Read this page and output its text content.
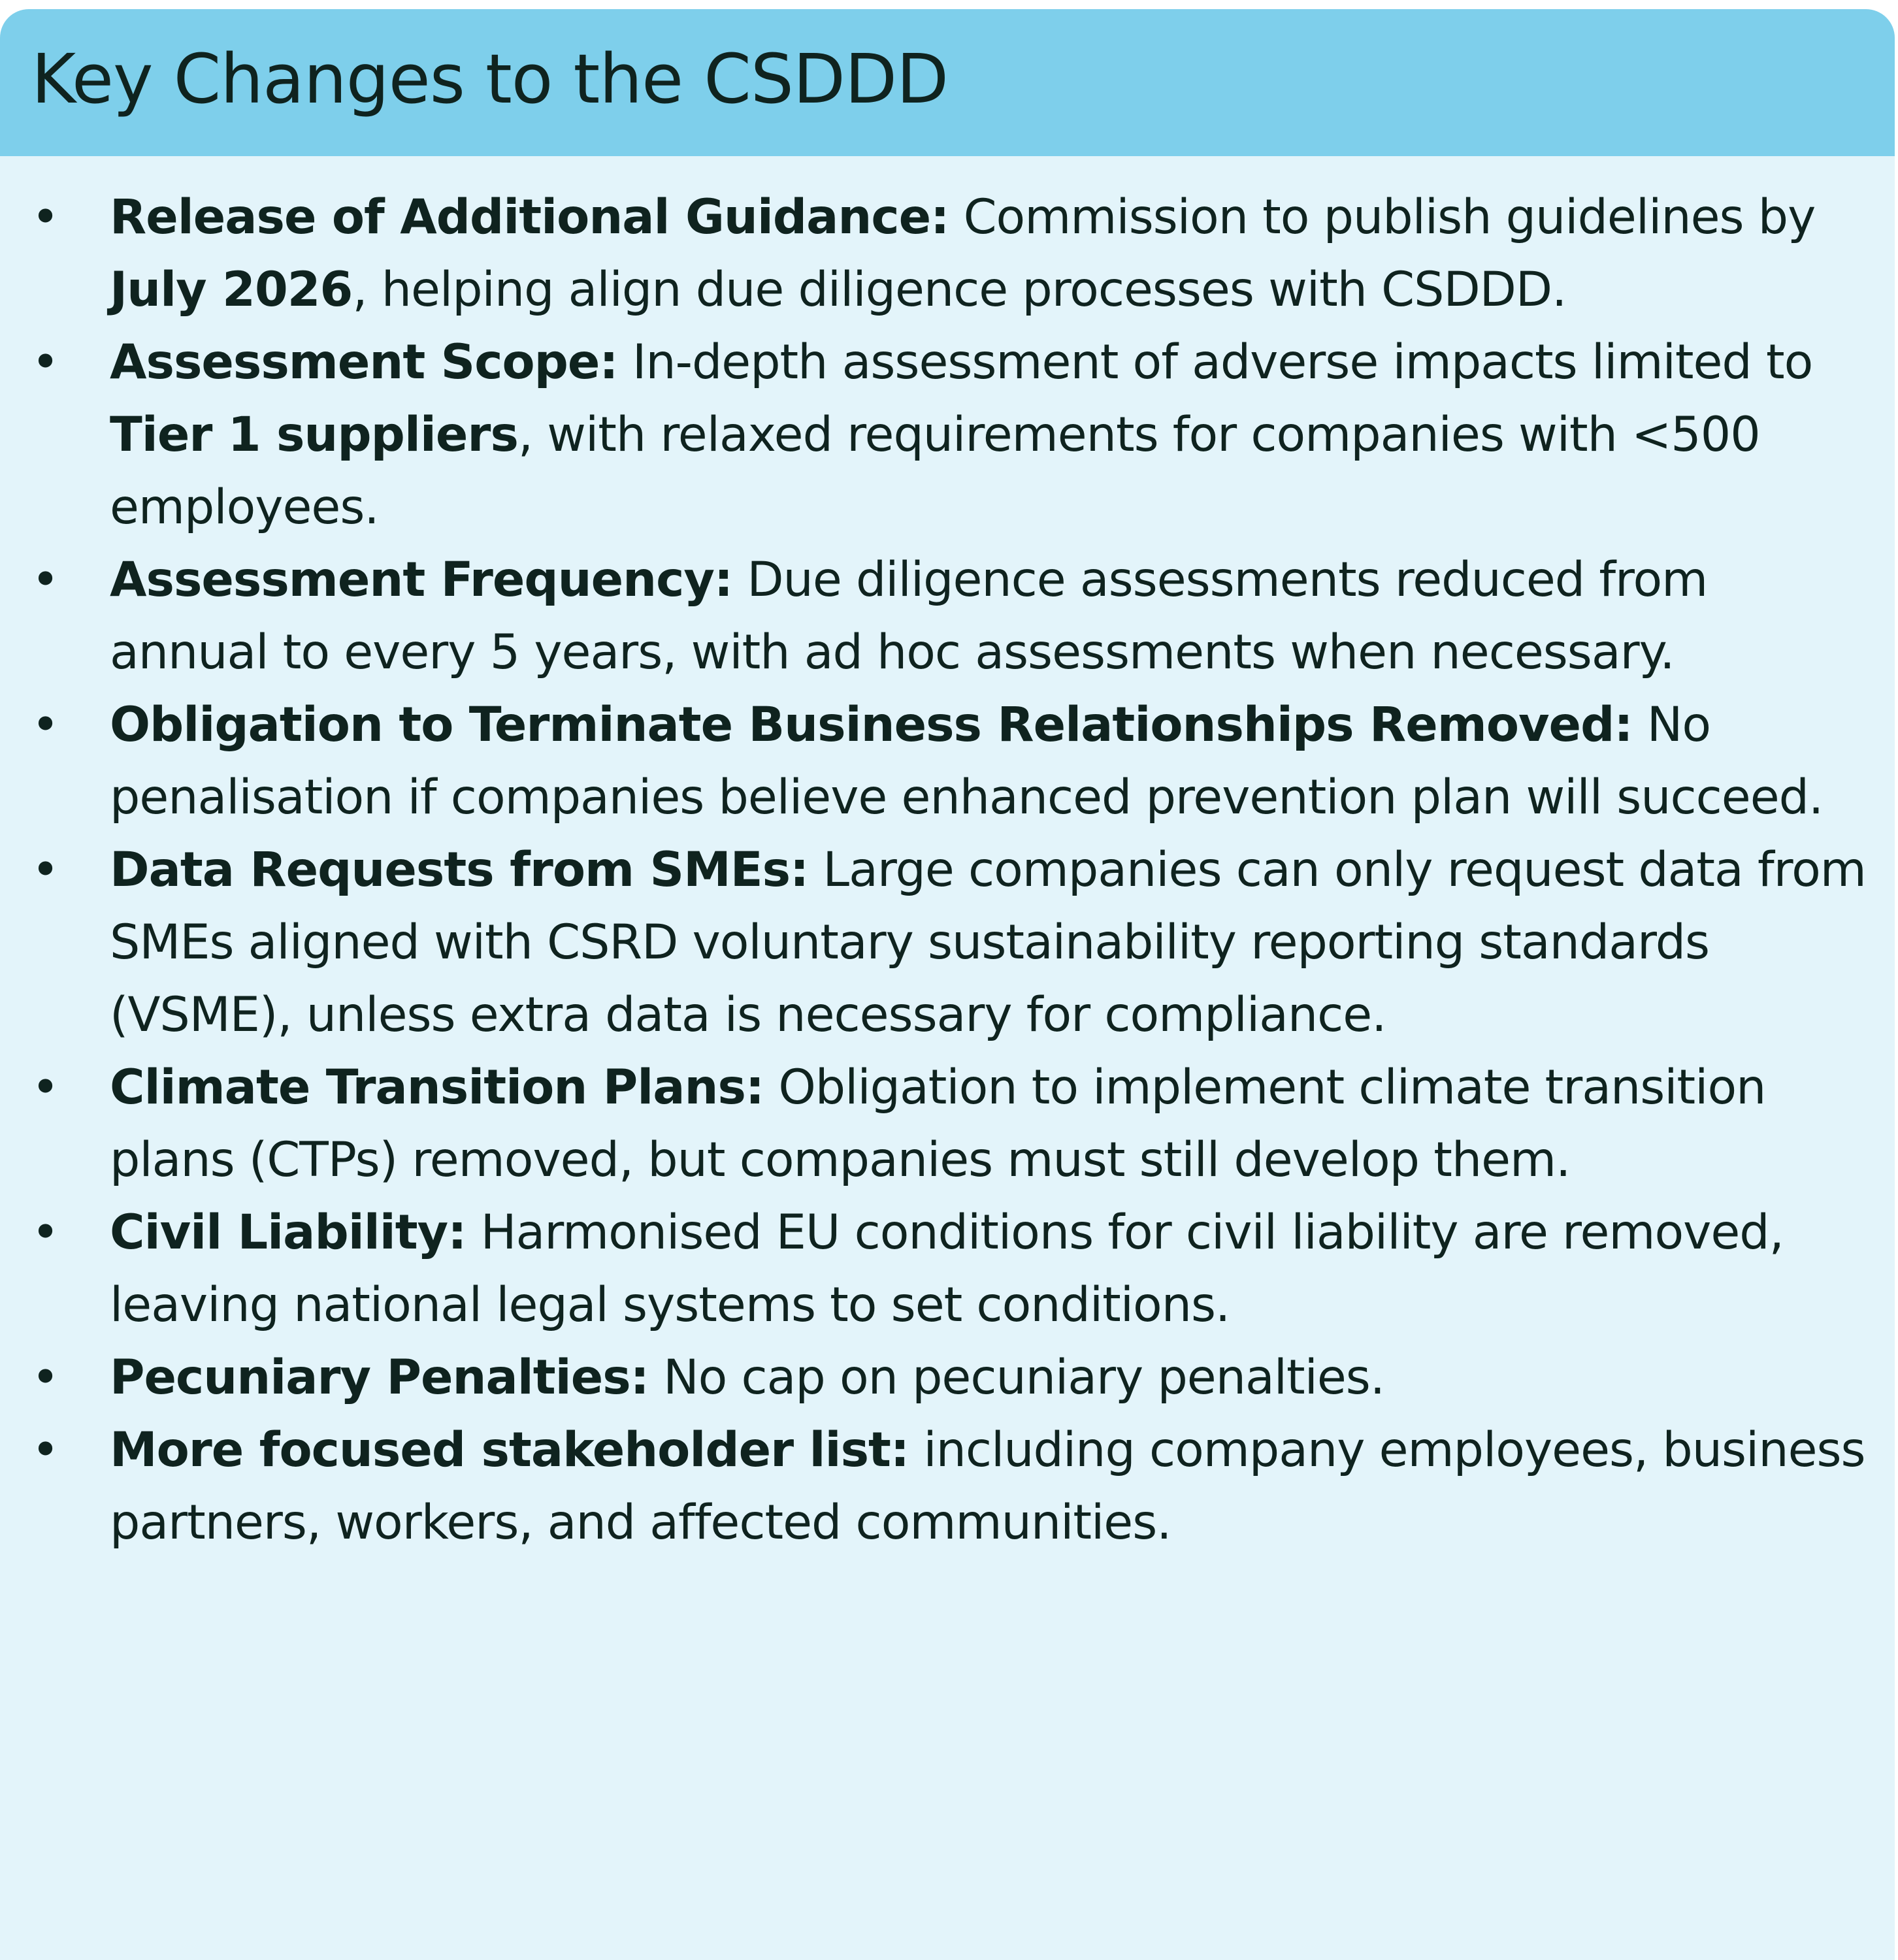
Key Changes to the CSDDD
• Release of Additional Guidance: Commission to publish guidelines by July 2026, helping align due diligence processes with CSDDD.
• Assessment Scope: In-depth assessment of adverse impacts limited to Tier 1 suppliers, with relaxed requirements for companies with <500 employees.
• Assessment Frequency: Due diligence assessments reduced from annual to every 5 years, with ad hoc assessments when necessary.
• Obligation to Terminate Business Relationships Removed: No penalisation if companies believe enhanced prevention plan will succeed.
• Data Requests from SMEs: Large companies can only request data from SMEs aligned with CSRD voluntary sustainability reporting standards (VSME), unless extra data is necessary for compliance.
• Climate Transition Plans: Obligation to implement climate transition plans (CTPs) removed, but companies must still develop them.
• Civil Liability: Harmonised EU conditions for civil liability are removed, leaving national legal systems to set conditions.
• Pecuniary Penalties: No cap on pecuniary penalties.
• More focused stakeholder list: including company employees, business partners, workers, and affected communities.
